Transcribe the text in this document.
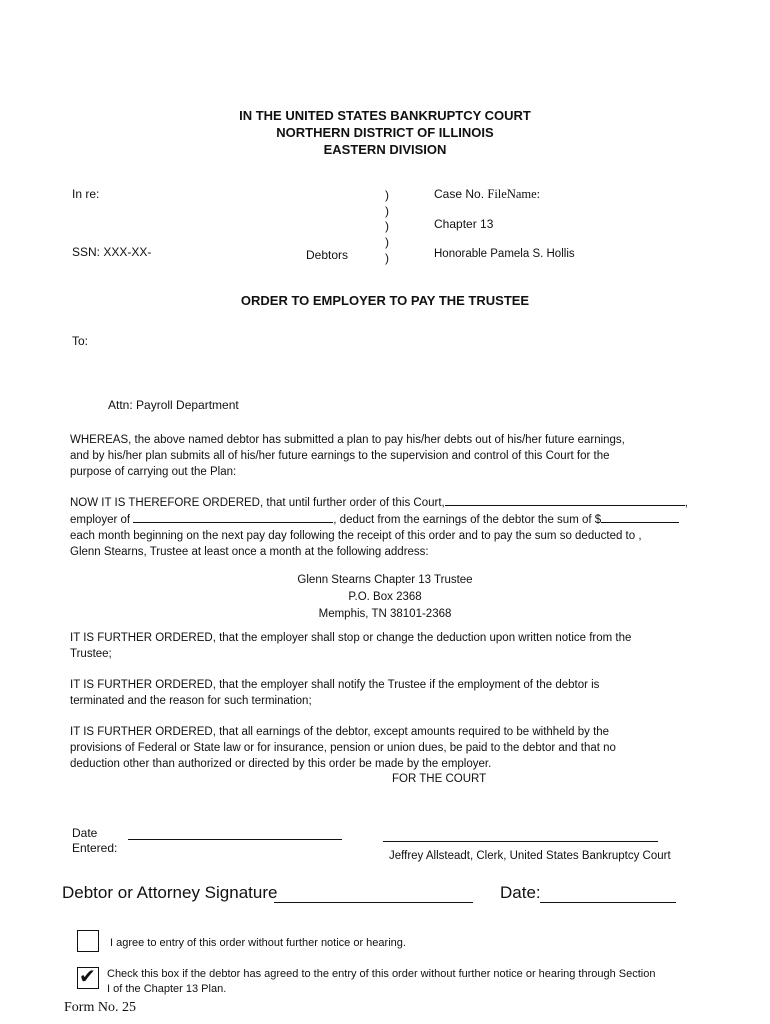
IN THE UNITED STATES BANKRUPTCY COURT
NORTHERN DISTRICT OF ILLINOIS
EASTERN DIVISION
In re:
SSN: XXX-XX-	Debtors
)
)
)
)
)
Case No. FileName:
Chapter 13
Honorable Pamela S. Hollis
ORDER TO EMPLOYER TO PAY THE TRUSTEE
To:
Attn: Payroll Department
WHEREAS, the above named debtor has submitted a plan to pay his/her debts out of his/her future earnings,
and by his/her plan submits all of his/her future earnings to the supervision and control of this Court for the
purpose of carrying out the Plan:
NOW IT IS THEREFORE ORDERED, that until further order of this Court,	,
employer of	, deduct from the earnings of the debtor the sum of $
each month beginning on the next pay day following the receipt of this order and to pay the sum so deducted to ,
Glenn Stearns, Trustee at least once a month at the following address:
Glenn Stearns Chapter 13 Trustee
P.O. Box 2368
Memphis, TN 38101-2368
IT IS FURTHER ORDERED, that the employer shall stop or change the deduction upon written notice from the
Trustee;
IT IS FURTHER ORDERED, that the employer shall notify the Trustee if the employment of the debtor is
terminated and the reason for such termination;
IT IS FURTHER ORDERED, that all earnings of the debtor, except amounts required to be withheld by the
provisions of Federal or State law or for insurance, pension or union dues, be paid to the debtor and that no
deduction other than authorized or directed by this order be made by the employer.
FOR THE COURT
Date
Entered:
Jeffrey Allsteadt, Clerk, United States Bankruptcy Court
Debtor or Attorney Signature	Date:
I agree to entry of this order without further notice or hearing.
✔ Check this box if the debtor has agreed to the entry of this order without further notice or hearing through Section
I of the Chapter 13 Plan.
Form No. 25
